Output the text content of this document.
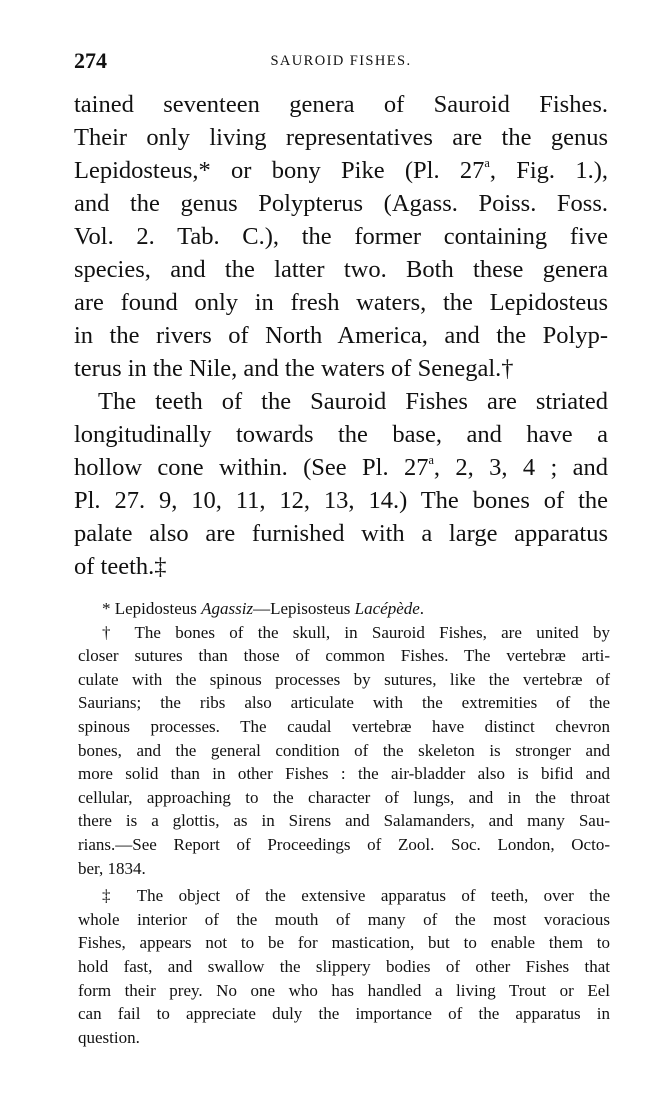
274	SAUROID FISHES.
tained seventeen genera of Sauroid Fishes.
Their only living representatives are the genus
Lepidosteus,* or bony Pike (Pl. 27$^a$, Fig. 1.),
and the genus Polypterus (Agass. Poiss. Foss.
Vol. 2. Tab. C.), the former containing five
species, and the latter two. Both these genera
are found only in fresh waters, the Lepidosteus
in the rivers of North America, and the Polyp-
terus in the Nile, and the waters of Senegal.†
The teeth of the Sauroid Fishes are striated
longitudinally towards the base, and have a
hollow cone within. (See Pl. 27$^a$, 2, 3, 4 ; and
Pl. 27. 9, 10, 11, 12, 13, 14.) The bones of the
palate also are furnished with a large apparatus
of teeth.‡
* Lepidosteus Agassiz—Lepisosteus Lacépède.
† The bones of the skull, in Sauroid Fishes, are united by
closer sutures than those of common Fishes. The vertebræ arti-
culate with the spinous processes by sutures, like the vertebræ of
Saurians; the ribs also articulate with the extremities of the
spinous processes. The caudal vertebræ have distinct chevron
bones, and the general condition of the skeleton is stronger and
more solid than in other Fishes : the air-bladder also is bifid and
cellular, approaching to the character of lungs, and in the throat
there is a glottis, as in Sirens and Salamanders, and many Sau-
rians.—See Report of Proceedings of Zool. Soc. London, Octo-
ber, 1834.
‡ The object of the extensive apparatus of teeth, over the
whole interior of the mouth of many of the most voracious
Fishes, appears not to be for mastication, but to enable them to
hold fast, and swallow the slippery bodies of other Fishes that
form their prey. No one who has handled a living Trout or Eel
can fail to appreciate duly the importance of the apparatus in
question.
